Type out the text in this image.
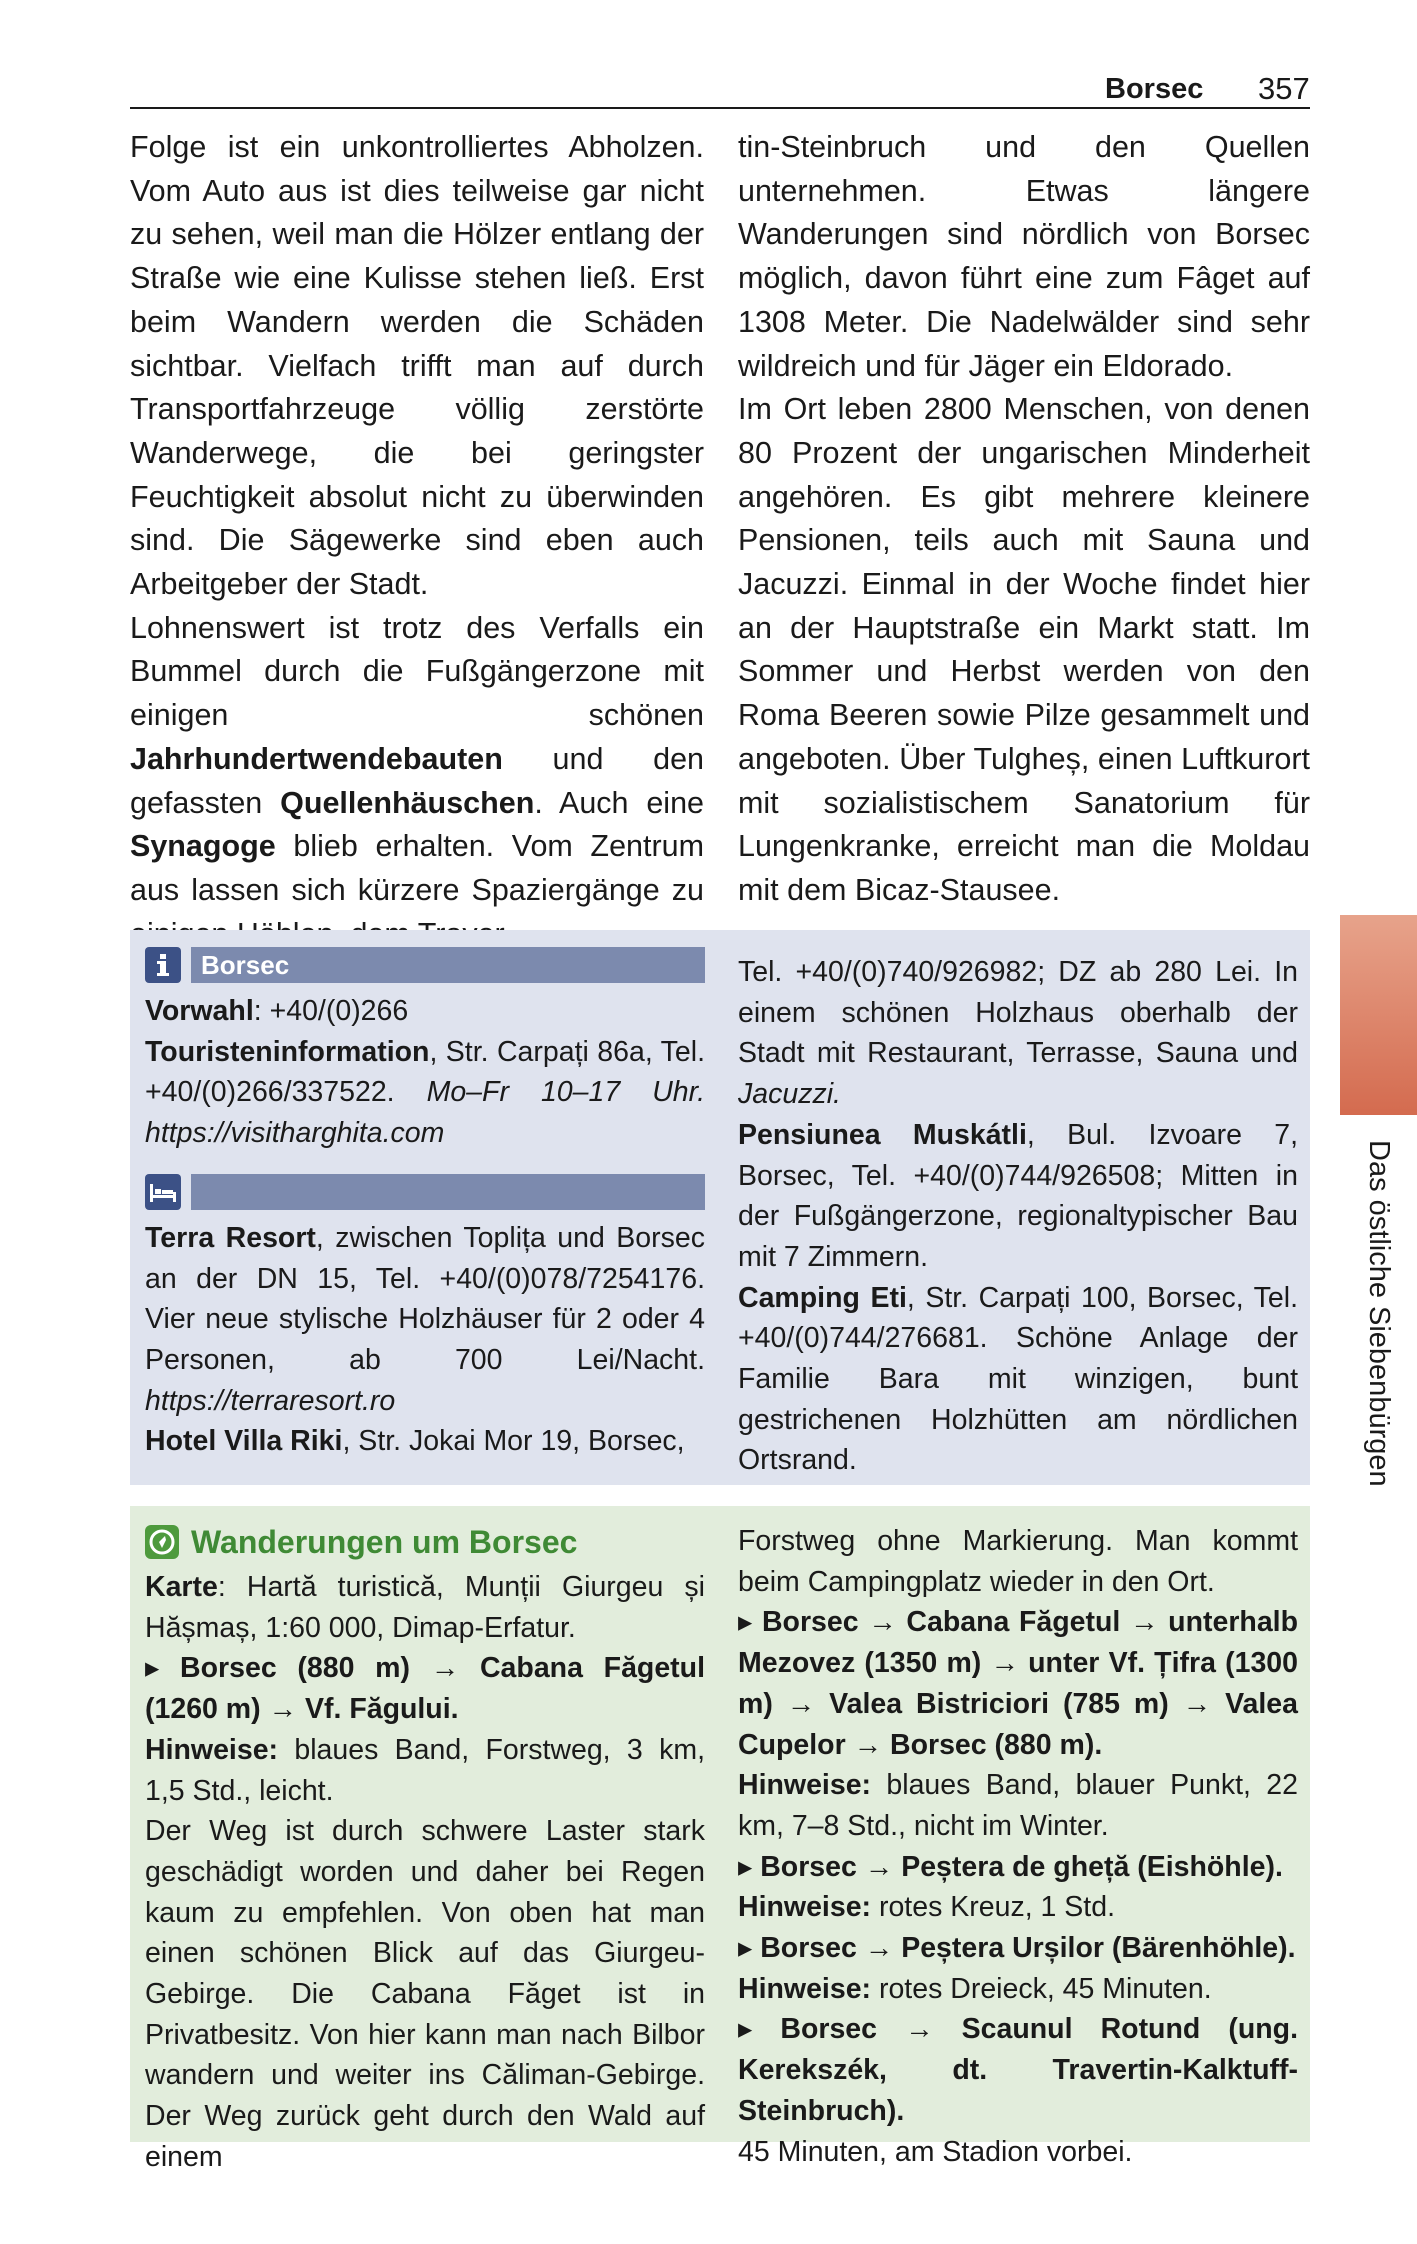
Borsec 357

Folge ist ein unkontrolliertes Abholzen. Vom Auto aus ist dies teilweise gar nicht zu sehen, weil man die Hölzer entlang der Straße wie eine Kulisse stehen ließ. Erst beim Wandern werden die Schäden sichtbar. Vielfach trifft man auf durch Transportfahrzeuge völlig zerstörte Wanderwege, die bei geringster Feuchtigkeit absolut nicht zu überwinden sind. Die Sägewerke sind eben auch Arbeitgeber der Stadt.

Lohnenswert ist trotz des Verfalls ein Bummel durch die Fußgängerzone mit einigen schönen Jahrhundertwendebauten und den gefassten Quellenhäuschen. Auch eine Synagoge blieb erhalten. Vom Zentrum aus lassen sich kürzere Spaziergänge zu

tin-Steinbruch und den Quellen unternehmen. Etwas längere Wanderungen sind nördlich von Borsec möglich, davon führt eine zum Fâget auf 1308 Meter. Die Nadelwälder sind sehr wildreich und für Jäger ein Eldorado.

Im Ort leben 2800 Menschen, von denen 80 Prozent der ungarischen Minderheit angehören. Es gibt mehrere kleinere Pensionen, teils auch mit Sauna und Jacuzzi. Einmal in der Woche findet hier an der Hauptstraße ein Markt statt. Im Sommer und Herbst werden von den Roma Beeren sowie Pilze gesammelt und angeboten. Über Tulgheș, einen Luftkurort mit sozialistischem Sanatorium für Lungenkranke, erreicht man die Moldau mit dem Bicaz-Stausee.

Borsec

Vorwahl: +40/(0)266

Touristeninformation, Str. Carpați 86a, Tel. +40/(0)266/337522. Mo–Fr 10–17 Uhr. https://visitharghita.com

Terra Resort, zwischen Toplița und Borsec an der DN 15, Tel. +40/(0)078/7254176. Vier neue stylische Holzhäuser für 2 oder 4 Personen, ab 700 Lei/Nacht. https://terraresort.ro

Hotel Villa Riki, Str. Jokai Mor 19, Borsec,

Tel. +40/(0)740/926982; DZ ab 280 Lei. In einem schönen Holzhaus oberhalb der Stadt mit Restaurant, Terrasse, Sauna und Jacuzzi.

Pensiunea Muskátli, Bul. Izvoare 7, Borsec, Tel. +40/(0)744/926508; Mitten in der Fußgängerzone, regionaltypischer Bau mit 7 Zimmern.

Camping Eti, Str. Carpați 100, Borsec, Tel. +40/(0)744/276681. Schöne Anlage der Familie Bara mit winzigen, bunt gestrichenen Holzhütten am nördlichen Ortsrand.

Wanderungen um Borsec

Karte: Hartă turistică, Munții Giurgeu și Hășmaș, 1:60 000, Dimap-Erfatur.

▸ Borsec (880 m) → Cabana Făgetul (1260 m) → Vf. Făgului.

Hinweise: blaues Band, Forstweg, 3 km, 1,5 Std., leicht.

Der Weg ist durch schwere Laster stark geschädigt worden und daher bei Regen kaum zu empfehlen. Von oben hat man einen schönen Blick auf das Giurgeu-Gebirge. Die Cabana Făget ist in Privatbesitz. Von hier kann man nach Bilbor wandern und weiter ins Căliman-Gebirge. Der Weg zurück geht durch den Wald auf einem

Forstweg ohne Markierung. Man kommt beim Campingplatz wieder in den Ort.

▸ Borsec → Cabana Făgetul → unterhalb Mezovez (1350 m) → unter Vf. Țifra (1300 m) → Valea Bistriciori (785 m) → Valea Cupelor → Borsec (880 m).

Hinweise: blaues Band, blauer Punkt, 22 km, 7–8 Std., nicht im Winter.

▸ Borsec → Peștera de gheță (Eishöhle).

Hinweise: rotes Kreuz, 1 Std.

▸ Borsec → Peștera Urșilor (Bärenhöhle).

Hinweise: rotes Dreieck, 45 Minuten.

▸ Borsec → Scaunul Rotund (ung. Kerekszék, dt. Travertin-Kalktuff-Steinbruch).

45 Minuten, am Stadion vorbei.

Das östliche Siebenbürgen
